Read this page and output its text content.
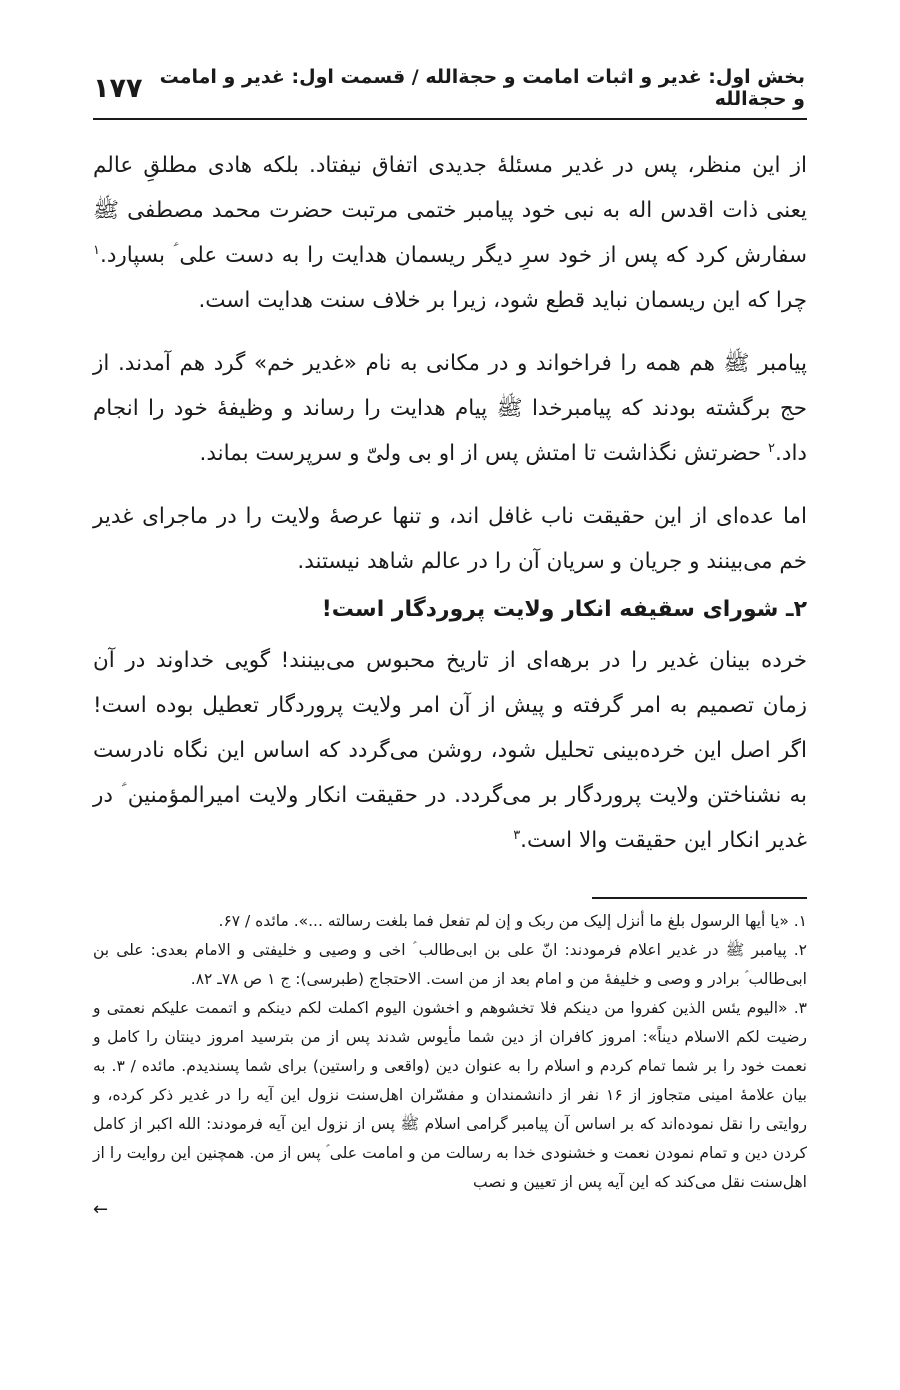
بخش اول: غدیر و اثبات امامت و حجةالله / قسمت اول: غدیر و امامت و حجةالله
۱۷۷

از این منظر، پس در غدیر مسئلۀ جدیدی اتفاق نیفتاد. بلکه هادی مطلقِ عالم یعنی ذات اقدس اله به نبی خود پیامبر ختمی مرتبت حضرت محمد مصطفی ﷺ سفارش کرد که پس از خود سرِ دیگر ریسمان هدایت را به دست علی ؑ بسپارد.$^۱$ چرا که این ریسمان نباید قطع شود، زیرا بر خلاف سنت هدایت است.

پیامبر ﷺ هم همه را فراخواند و در مکانی به نام «غدیر خم» گرد هم آمدند. از حج برگشته بودند که پیامبرخدا ﷺ پیام هدایت را رساند و وظیفۀ خود را انجام داد.$^۲$ حضرتش نگذاشت تا امتش پس از او بی ولیّ و سرپرست بماند.

اما عده‌ای از این حقیقت ناب غافل اند، و تنها عرصۀ ولایت را در ماجرای غدیر خم می‌بینند و جریان و سریان آن را در عالم شاهد نیستند.

۲ـ شورای سقیفه انکار ولایت پروردگار است!

خرده بینان غدیر را در برهه‌ای از تاریخ محبوس می‌بینند! گویی خداوند در آن زمان تصمیم به امر گرفته و پیش از آن امر ولایت پروردگار تعطیل بوده است! اگر اصل این خرده‌بینی تحلیل شود، روشن می‌گردد که اساس این نگاه نادرست به نشناختن ولایت پروردگار بر می‌گردد. در حقیقت انکار ولایت امیرالمؤمنین ؑ در غدیر انکار این حقیقت والا است.$^۳$

۱. «یا أیها الرسول بلغ ما أنزل إلیک من ربک و إن لم تفعل فما بلغت رسالته ...». مائده / ۶۷.

۲. پیامبر ﷺ در غدیر اعلام فرمودند: انّ علی بن ابی‌طالب ؑ اخی و وصیی و خلیفتی و الامام بعدی: علی بن ابی‌طالب ؑ برادر و وصی و خلیفۀ من و امام بعد از من است. الاحتجاج (طبرسی): ج ۱ ص ۷۸ـ ۸۲.

۳. «الیوم یئس الذین کفروا من دینکم فلا تخشوهم و اخشون الیوم اکملت لکم دینکم و اتممت علیکم نعمتی و رضیت لکم الاسلام دیناً»: امروز کافران از دین شما مأیوس شدند پس از من بترسید امروز دینتان را کامل و نعمت خود را بر شما تمام کردم و اسلام را به عنوان دین (واقعی و راستین) برای شما پسندیدم. مائده / ۳. به بیان علامۀ امینی متجاوز از ۱۶ نفر از دانشمندان و مفسّران اهل‌سنت نزول این آیه را در غدیر ذکر کرده، و روایتی را نقل نموده‌اند که بر اساس آن پیامبر گرامی اسلام ﷺ پس از نزول این آیه فرمودند: الله اکبر از کامل کردن دین و تمام نمودن نعمت و خشنودی خدا به رسالت من و امامت علی ؑ پس از من. همچنین این روایت را از اهل‌سنت نقل می‌کند که این آیه پس از تعیین و نصب

←
